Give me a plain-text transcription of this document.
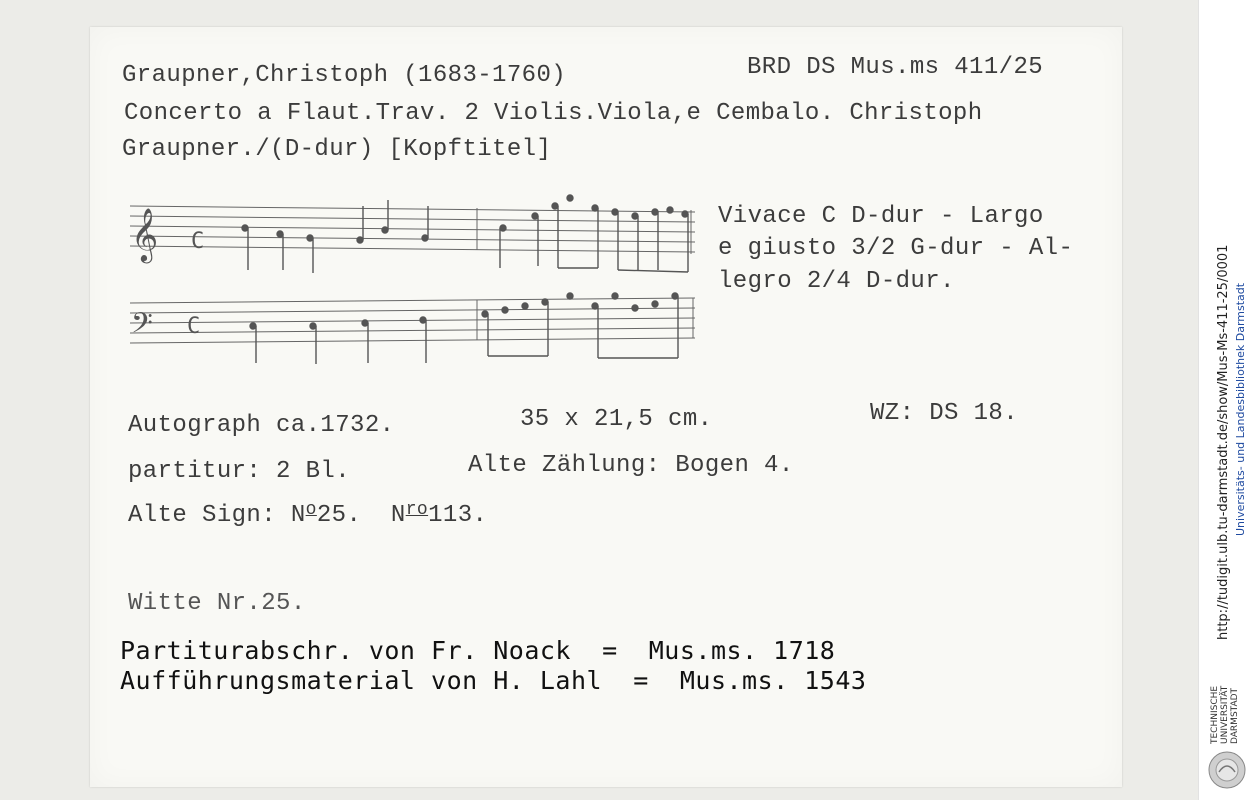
Graupner,Christoph (1683-1760)	BRD DS Mus.ms 411/25
Concerto a Flaut.Trav. 2 Violis.Viola,e Cembalo. Christoph
Graupner./(D-dur) [Kopftitel]
𝄞
𝄢
C
C
Vivace C D-dur - Largo
e giusto 3/2 G-dur - Al-
legro 2/4 D-dur.
Autograph ca.1732.	35 x 21,5 cm.	WZ: DS 18.
partitur: 2 Bl.	Alte Zählung: Bogen 4.
Alte Sign: $N^o25$. $N^{ro}113$.
Witte Nr.25.
Partiturabschr. von Fr. Noack  =  Mus.ms. 1718
Aufführungsmaterial von H. Lahl  =  Mus.ms. 1543
http://tudigit.ulb.tu-darmstadt.de/show/Mus-Ms-411-25/0001 Universitäts- und Landesbibliothek Darmstadt
TECHNISCHE
UNIVERSITÄT
DARMSTADT
